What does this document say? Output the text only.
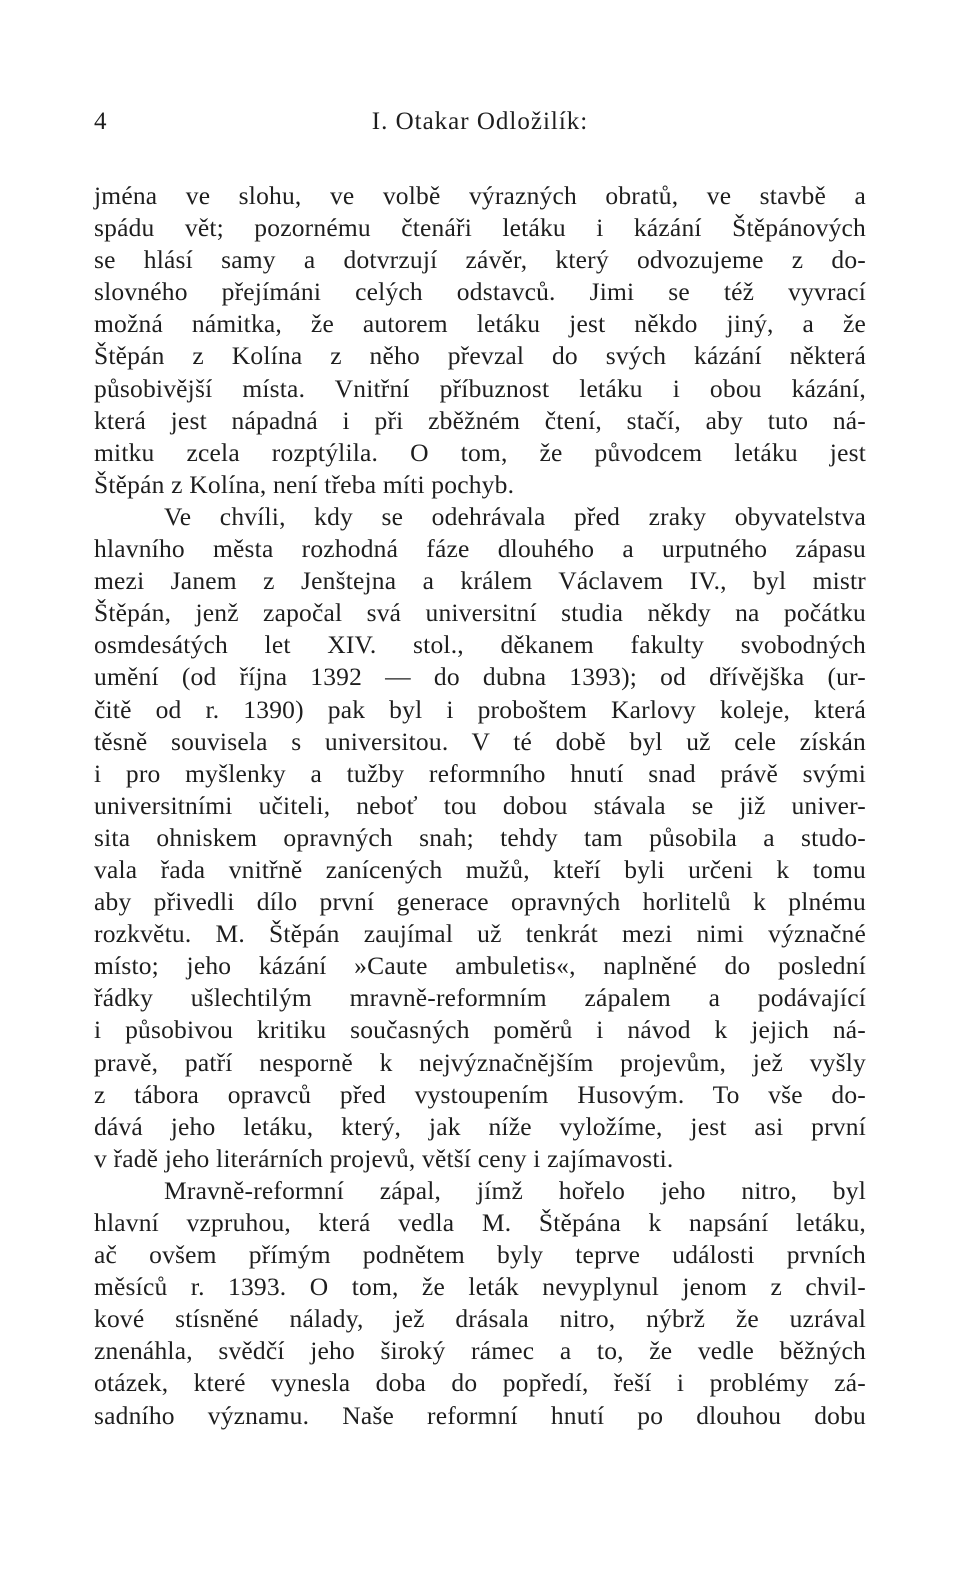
4	I. Otakar Odložilík:
jména ve slohu, ve volbě výrazných obratů, ve stavbě a
spádu vět; pozornému čtenáři letáku i kázání Štěpánových
se hlásí samy a dotvrzují závěr, který odvozujeme z do-
slovného přejímáni celých odstavců. Jimi se též vyvrací
možná námitka, že autorem letáku jest někdo jiný, a že
Štěpán z Kolína z něho převzal do svých kázání některá
působivější místa. Vnitřní příbuznost letáku i obou kázání,
která jest nápadná i při zběžném čtení, stačí, aby tuto ná-
mitku zcela rozptýlila. O tom, že původcem letáku jest
Štěpán z Kolína, není třeba míti pochyb.
Ve chvíli, kdy se odehrávala před zraky obyvatelstva
hlavního města rozhodná fáze dlouhého a urputného zápasu
mezi Janem z Jenštejna a králem Václavem IV., byl mistr
Štěpán, jenž započal svá universitní studia někdy na počátku
osmdesátých let XIV. stol., děkanem fakulty svobodných
umění (od října 1392 — do dubna 1393); od dřívějška (ur-
čitě od r. 1390) pak byl i proboštem Karlovy koleje, která
těsně souvisela s universitou. V té době byl už cele získán
i pro myšlenky a tužby reformního hnutí snad právě svými
universitními učiteli, neboť tou dobou stávala se již univer-
sita ohniskem opravných snah; tehdy tam působila a studo-
vala řada vnitřně zanícených mužů, kteří byli určeni k tomu
aby přivedli dílo první generace opravných horlitelů k plnému
rozkvětu. M. Štěpán zaujímal už tenkrát mezi nimi význačné
místo; jeho kázání »Caute ambuletis«, naplněné do poslední
řádky ušlechtilým mravně-reformním zápalem a podávající
i působivou kritiku současných poměrů i návod k jejich ná-
pravě, patří nesporně k nejvýznačnějším projevům, jež vyšly
z tábora opravců před vystoupením Husovým. To vše do-
dává jeho letáku, který, jak níže vyložíme, jest asi první
v řadě jeho literárních projevů, větší ceny i zajímavosti.
Mravně-reformní zápal, jímž hořelo jeho nitro, byl
hlavní vzpruhou, která vedla M. Štěpána k napsání letáku,
ač ovšem přímým podnětem byly teprve události prvních
měsíců r. 1393. O tom, že leták nevyplynul jenom z chvil-
kové stísněné nálady, jež drásala nitro, nýbrž že uzrával
znenáhla, svědčí jeho široký rámec a to, že vedle běžných
otázek, které vynesla doba do popředí, řeší i problémy zá-
sadního významu. Naše reformní hnutí po dlouhou dobu
